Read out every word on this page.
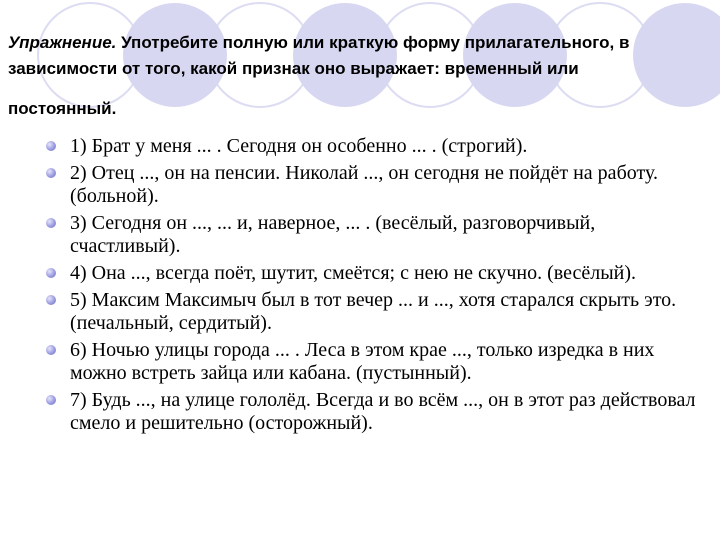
Упражнение. Употребите полную или краткую форму прилагательного, в зависимости от того, какой признак оно выражает: временный или
постоянный.

1) Брат у меня ... . Сегодня он особенно ... . (строгий).
2) Отец ..., он на пенсии. Николай ..., он сегодня не пойдёт на работу. (больной).
3) Сегодня он ..., ... и, наверное, ... . (весёлый, разговорчивый, счастливый).
4) Она ..., всегда поёт, шутит, смеётся; с нею не скучно. (весёлый).
5) Максим Максимыч был в тот вечер ... и ..., хотя старался скрыть это. (печальный, сердитый).
6) Ночью улицы города ... . Леса в этом крае ..., только изредка в них можно встреть зайца или кабана. (пустынный).
7) Будь ..., на улице гололёд. Всегда и во всём ..., он в этот раз действовал смело и решительно (осторожный).
